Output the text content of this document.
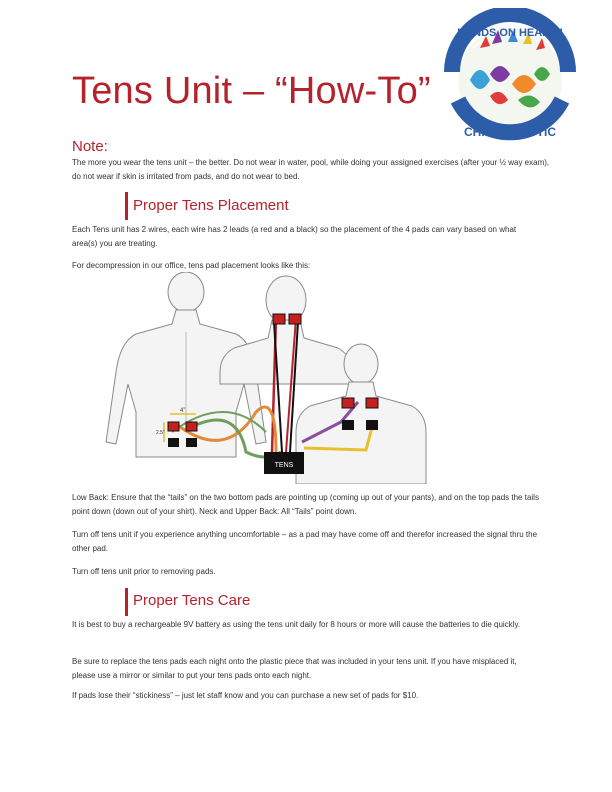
Tens Unit – “How-To”
HANDS ON HEALTH
CHIROPRACTIC
Note:
The more you wear the tens unit – the better. Do not wear in water, pool, while doing your assigned exercises (after your ½ way exam), do not wear if skin is irritated from pads, and do not wear to bed.
Proper Tens Placement
Each Tens unit has 2 wires, each wire has 2 leads (a red and a black) so the placement of the 4 pads can vary based on what area(s) you are treating.
For decompression in our office, tens pad placement looks like this:
4”
2.5”
TENS
Low Back: Ensure that the “tails” on the two bottom pads are pointing up (coming up out of your pants), and on the top pads the tails point down (down out of your shirt). Neck and Upper Back: All “Tails” point down.
Turn off tens unit if you experience anything uncomfortable – as a pad may have come off and therefor increased the signal thru the other pad.
Turn off tens unit prior to removing pads.
Proper Tens Care
It is best to buy a rechargeable 9V battery as using the tens unit daily for 8 hours or more will cause the batteries to die quickly.
Be sure to replace the tens pads each night onto the plastic piece that was included in your tens unit. If you have misplaced it, please use a mirror or similar to put your tens pads onto each night.
If pads lose their “stickiness” – just let staff know and you can purchase a new set of pads for $10.
